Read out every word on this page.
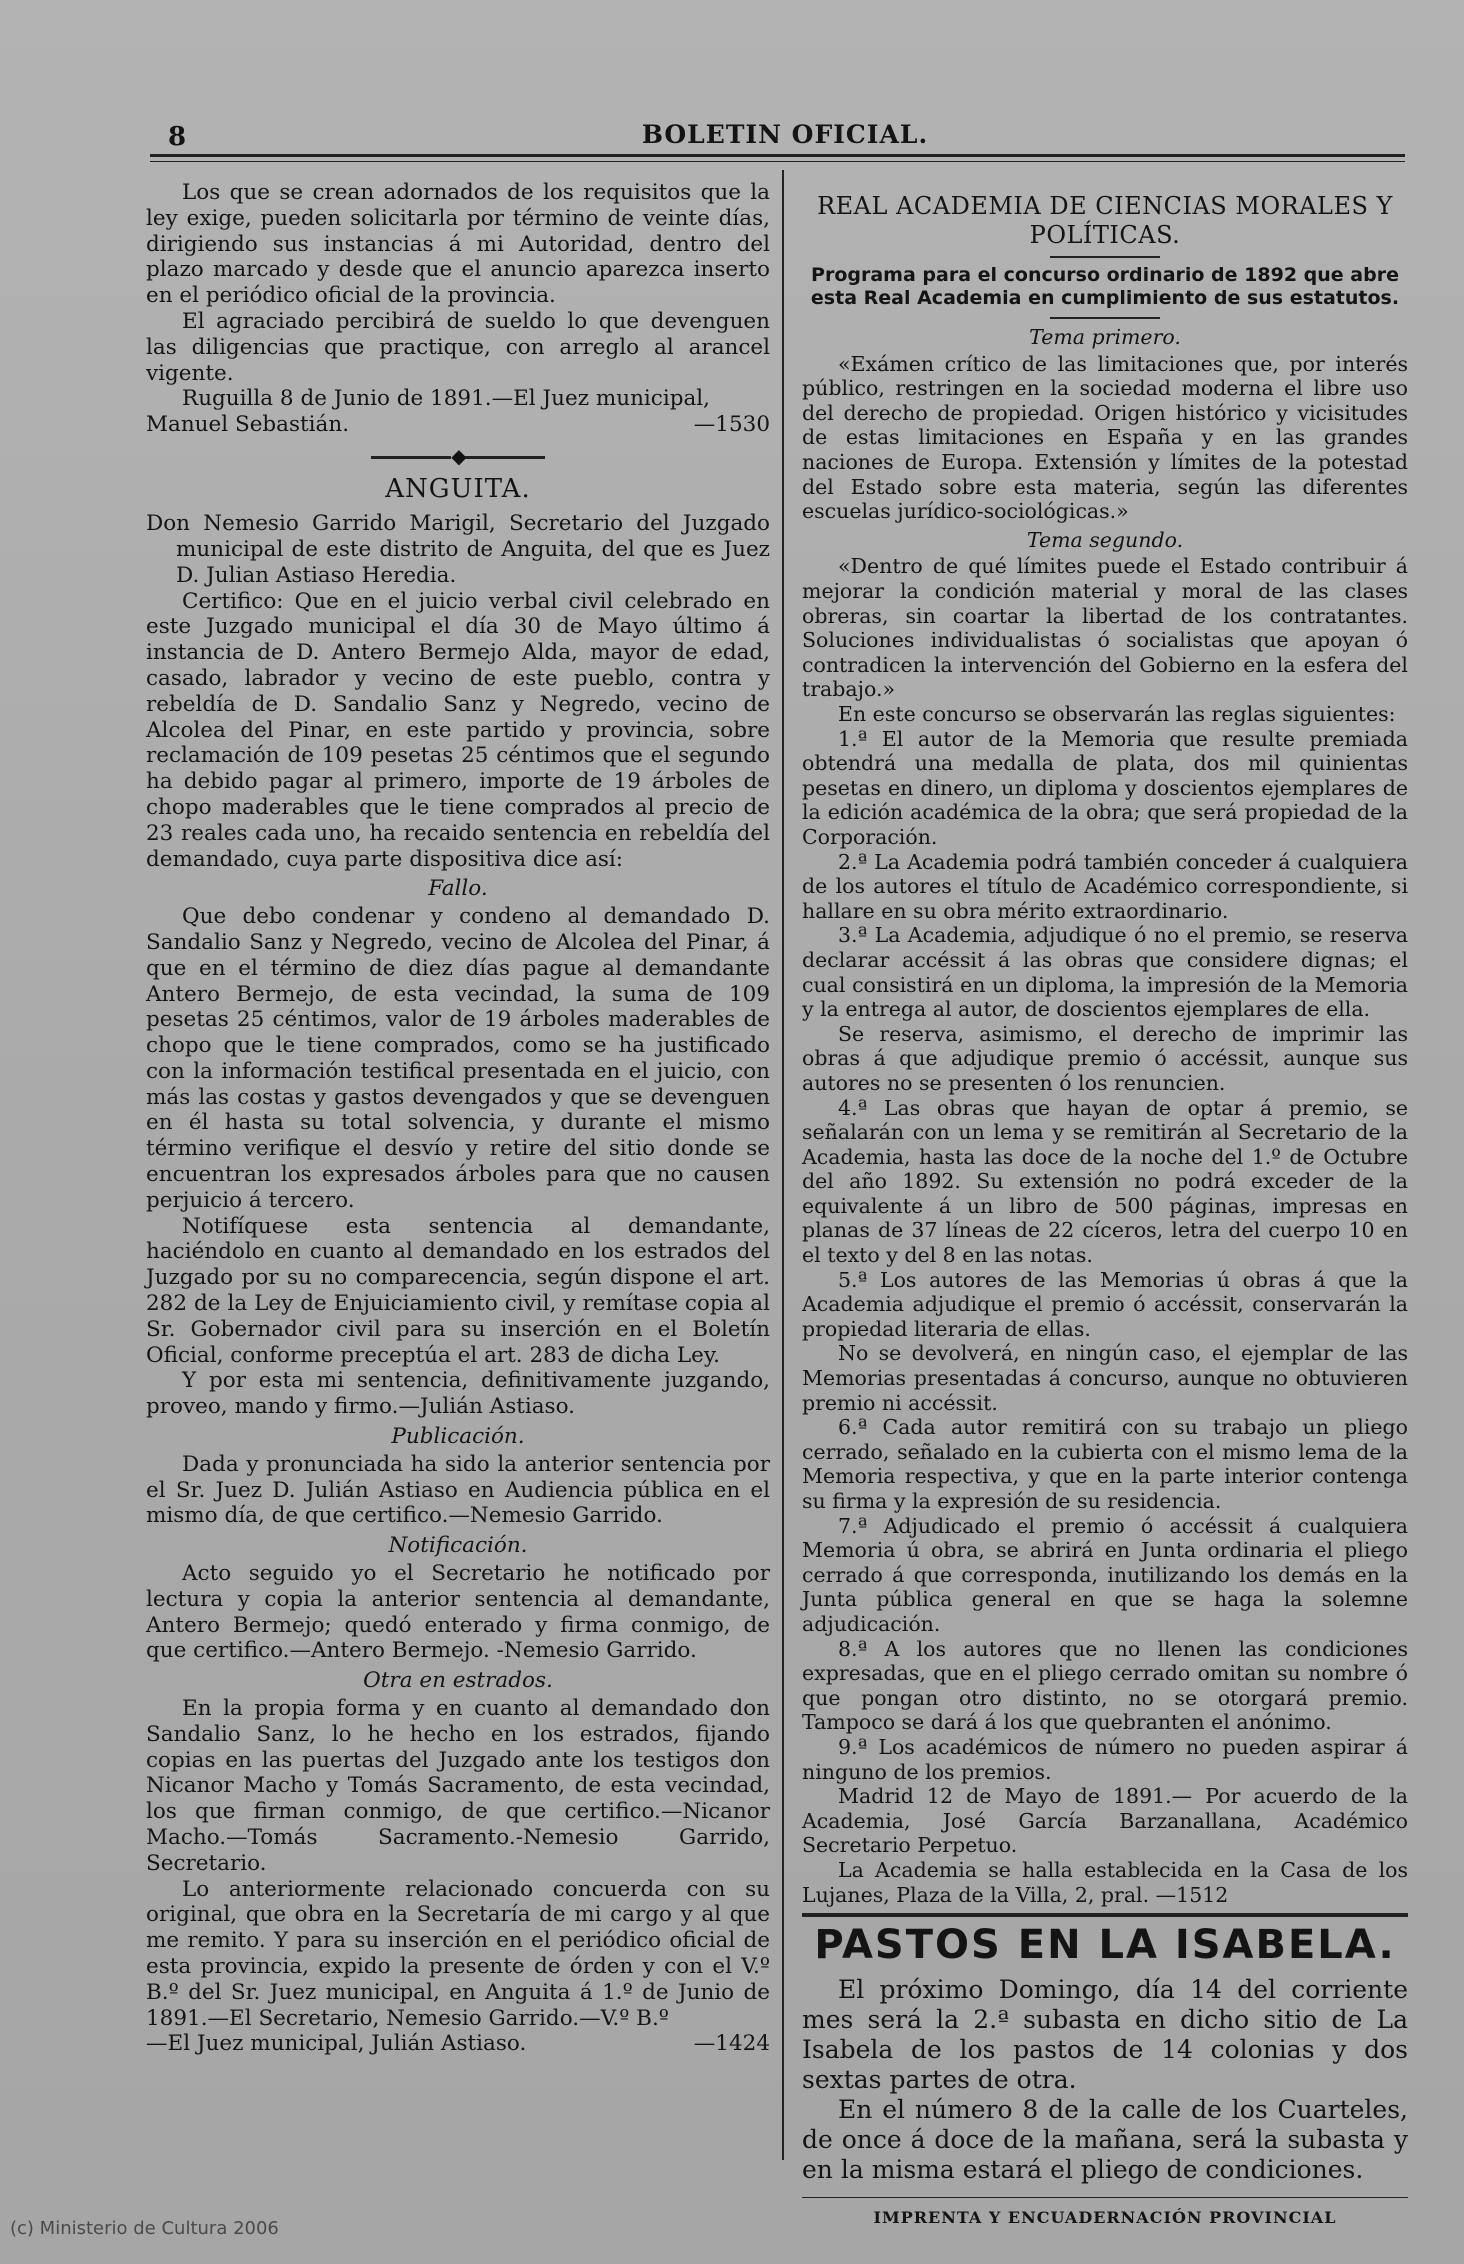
8	BOLETIN OFICIAL.

Los que se crean adornados de los requisitos que la ley exige, pueden solicitarla por término de veinte días, dirigiendo sus instancias á mi Autoridad, dentro del plazo marcado y desde que el anuncio aparezca inserto en el periódico oficial de la provincia.

El agraciado percibirá de sueldo lo que devenguen las diligencias que practique, con arreglo al arancel vigente.

Ruguilla 8 de Junio de 1891.—El Juez municipal,

Manuel Sebastián.	—1530
◆
ANGUITA.

Don Nemesio Garrido Marigil, Secretario del Juzgado municipal de este distrito de Anguita, del que es Juez D. Julian Astiaso Heredia.

Certifico: Que en el juicio verbal civil celebrado en este Juzgado municipal el día 30 de Mayo último á instancia de D. Antero Bermejo Alda, mayor de edad, casado, labrador y vecino de este pueblo, contra y rebeldía de D. Sandalio Sanz y Negredo, vecino de Alcolea del Pinar, en este partido y provincia, sobre reclamación de 109 pesetas 25 céntimos que el segundo ha debido pagar al primero, importe de 19 árboles de chopo maderables que le tiene comprados al precio de 23 reales cada uno, ha recaido sentencia en rebeldía del demandado, cuya parte dispositiva dice así:

Fallo.

Que debo condenar y condeno al demandado D. Sandalio Sanz y Negredo, vecino de Alcolea del Pinar, á que en el término de diez días pague al demandante Antero Bermejo, de esta vecindad, la suma de 109 pesetas 25 céntimos, valor de 19 árboles maderables de chopo que le tiene comprados, como se ha justificado con la información testifical presentada en el juicio, con más las costas y gastos devengados y que se devenguen en él hasta su total solvencia, y durante el mismo término verifique el desvío y retire del sitio donde se encuentran los expresados árboles para que no causen perjuicio á tercero.

Notifíquese esta sentencia al demandante, haciéndolo en cuanto al demandado en los estrados del Juzgado por su no comparecencia, según dispone el art. 282 de la Ley de Enjuiciamiento civil, y remítase copia al Sr. Gobernador civil para su inserción en el Boletín Oficial, conforme preceptúa el art. 283 de dicha Ley.

Y por esta mi sentencia, definitivamente juzgando, proveo, mando y firmo.—Julián Astiaso.

Publicación.

Dada y pronunciada ha sido la anterior sentencia por el Sr. Juez D. Julián Astiaso en Audiencia pública en el mismo día, de que certifico.—Nemesio Garrido.

Notificación.

Acto seguido yo el Secretario he notificado por lectura y copia la anterior sentencia al demandante, Antero Bermejo; quedó enterado y firma conmigo, de que certifico.—Antero Bermejo. -Nemesio Garrido.

Otra en estrados.

En la propia forma y en cuanto al demandado don Sandalio Sanz, lo he hecho en los estrados, fijando copias en las puertas del Juzgado ante los testigos don Nicanor Macho y Tomás Sacramento, de esta vecindad, los que firman conmigo, de que certifico.—Nicanor Macho.—Tomás Sacramento.-Nemesio Garrido, Secretario.

Lo anteriormente relacionado concuerda con su original, que obra en la Secretaría de mi cargo y al que me remito. Y para su inserción en el periódico oficial de esta provincia, expido la presente de órden y con el V.º B.º del Sr. Juez municipal, en Anguita á 1.º de Junio de 1891.—El Secretario, Nemesio Garrido.—V.º B.º

—El Juez municipal, Julián Astiaso.	—1424
REAL ACADEMIA DE CIENCIAS MORALES Y POLÍTICAS.
Programa para el concurso ordinario de 1892 que abre esta Real Academia en cumplimiento de sus estatutos.
Tema primero.

«Exámen crítico de las limitaciones que, por interés público, restringen en la sociedad moderna el libre uso del derecho de propiedad. Origen histórico y vicisitudes de estas limitaciones en España y en las grandes naciones de Europa. Extensión y límites de la potestad del Estado sobre esta materia, según las diferentes escuelas jurídico-sociológicas.»

Tema segundo.

«Dentro de qué límites puede el Estado contribuir á mejorar la condición material y moral de las clases obreras, sin coartar la libertad de los contratantes. Soluciones individualistas ó socialistas que apoyan ó contradicen la intervención del Gobierno en la esfera del trabajo.»

En este concurso se observarán las reglas siguientes:

1.ª El autor de la Memoria que resulte premiada obtendrá una medalla de plata, dos mil quinientas pesetas en dinero, un diploma y doscientos ejemplares de la edición académica de la obra; que será propiedad de la Corporación.

2.ª La Academia podrá también conceder á cualquiera de los autores el título de Académico correspondiente, si hallare en su obra mérito extraordinario.

3.ª La Academia, adjudique ó no el premio, se reserva declarar accéssit á las obras que considere dignas; el cual consistirá en un diploma, la impresión de la Memoria y la entrega al autor, de doscientos ejemplares de ella.

Se reserva, asimismo, el derecho de imprimir las obras á que adjudique premio ó accéssit, aunque sus autores no se presenten ó los renuncien.

4.ª Las obras que hayan de optar á premio, se señalarán con un lema y se remitirán al Secretario de la Academia, hasta las doce de la noche del 1.º de Octubre del año 1892. Su extensión no podrá exceder de la equivalente á un libro de 500 páginas, impresas en planas de 37 líneas de 22 cíceros, letra del cuerpo 10 en el texto y del 8 en las notas.

5.ª Los autores de las Memorias ú obras á que la Academia adjudique el premio ó accéssit, conservarán la propiedad literaria de ellas.

No se devolverá, en ningún caso, el ejemplar de las Memorias presentadas á concurso, aunque no obtuvieren premio ni accéssit.

6.ª Cada autor remitirá con su trabajo un pliego cerrado, señalado en la cubierta con el mismo lema de la Memoria respectiva, y que en la parte interior contenga su firma y la expresión de su residencia.

7.ª Adjudicado el premio ó accéssit á cualquiera Memoria ú obra, se abrirá en Junta ordinaria el pliego cerrado á que corresponda, inutilizando los demás en la Junta pública general en que se haga la solemne adjudicación.

8.ª A los autores que no llenen las condiciones expresadas, que en el pliego cerrado omitan su nombre ó que pongan otro distinto, no se otorgará premio. Tampoco se dará á los que quebranten el anónimo.

9.ª Los académicos de número no pueden aspirar á ninguno de los premios.

Madrid 12 de Mayo de 1891.— Por acuerdo de la Academia, José García Barzanallana, Académico Secretario Perpetuo.

La Academia se halla establecida en la Casa de los Lujanes, Plaza de la Villa, 2, pral. —1512

PASTOS EN LA ISABELA.

El próximo Domingo, día 14 del corriente mes será la 2.ª subasta en dicho sitio de La Isabela de los pastos de 14 colonias y dos sextas partes de otra.

En el número 8 de la calle de los Cuarteles, de once á doce de la mañana, será la subasta y en la misma estará el pliego de condiciones.

IMPRENTA Y ENCUADERNACIÓN PROVINCIAL
(c) Ministerio de Cultura 2006
